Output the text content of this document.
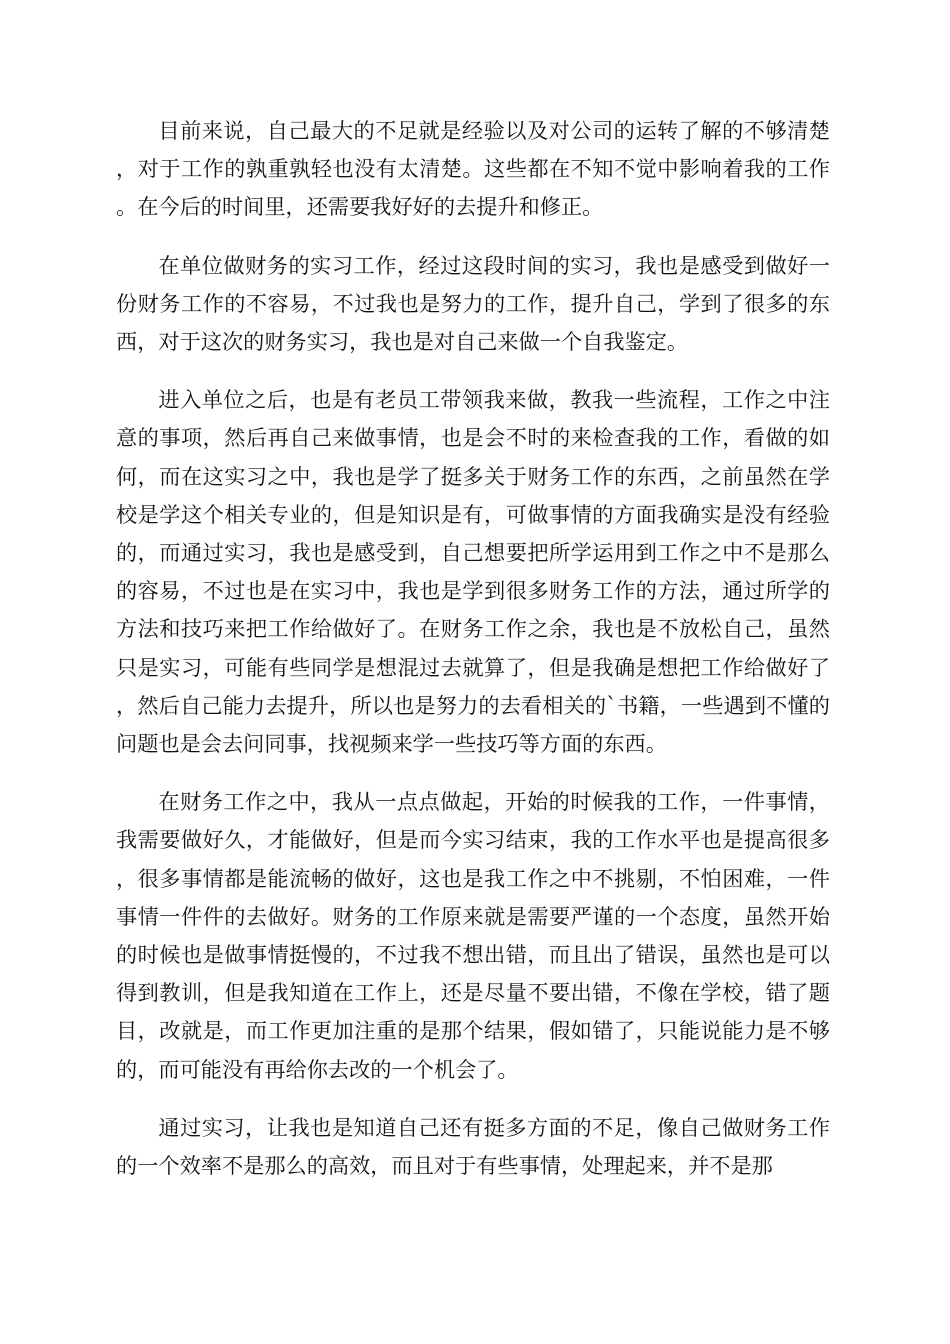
目前来说，自己最大的不足就是经验以及对公司的运转了解的不够清楚，对于工作的孰重孰轻也没有太清楚。这些都在不知不觉中影响着我的工作。在今后的时间里，还需要我好好的去提升和修正。

在单位做财务的实习工作，经过这段时间的实习，我也是感受到做好一份财务工作的不容易，不过我也是努力的工作，提升自己，学到了很多的东西，对于这次的财务实习，我也是对自己来做一个自我鉴定。

进入单位之后，也是有老员工带领我来做，教我一些流程，工作之中注意的事项，然后再自己来做事情，也是会不时的来检查我的工作，看做的如何，而在这实习之中，我也是学了挺多关于财务工作的东西，之前虽然在学校是学这个相关专业的，但是知识是有，可做事情的方面我确实是没有经验的，而通过实习，我也是感受到，自己想要把所学运用到工作之中不是那么的容易，不过也是在实习中，我也是学到很多财务工作的方法，通过所学的方法和技巧来把工作给做好了。在财务工作之余，我也是不放松自己，虽然只是实习，可能有些同学是想混过去就算了，但是我确是想把工作给做好了，然后自己能力去提升，所以也是努力的去看相关的`书籍，一些遇到不懂的问题也是会去问同事，找视频来学一些技巧等方面的东西。

在财务工作之中，我从一点点做起，开始的时候我的工作，一件事情，我需要做好久，才能做好，但是而今实习结束，我的工作水平也是提高很多，很多事情都是能流畅的做好，这也是我工作之中不挑剔，不怕困难，一件事情一件件的去做好。财务的工作原来就是需要严谨的一个态度，虽然开始的时候也是做事情挺慢的，不过我不想出错，而且出了错误，虽然也是可以得到教训，但是我知道在工作上，还是尽量不要出错，不像在学校，错了题目，改就是，而工作更加注重的是那个结果，假如错了，只能说能力是不够的，而可能没有再给你去改的一个机会了。

通过实习，让我也是知道自己还有挺多方面的不足，像自己做财务工作的一个效率不是那么的高效，而且对于有些事情，处理起来，并不是那
